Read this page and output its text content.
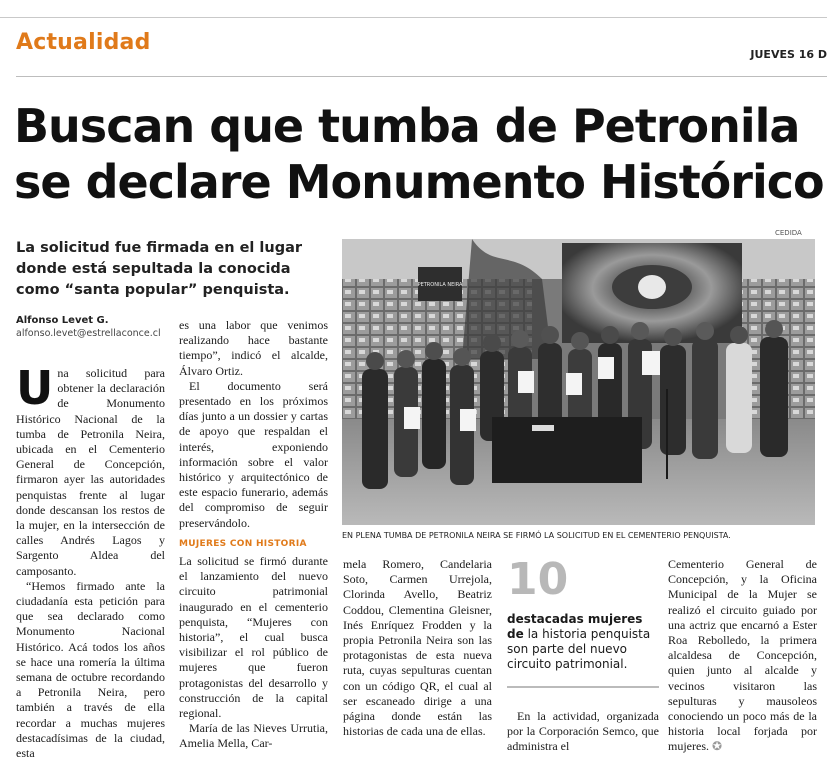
Actualidad	JUEVES 16 D
Buscan que tumba de Petronila
se declare Monumento Histórico

La solicitud fue firmada en el lugar
donde está sepultada la conocida
como “santa popular” penquista.

Alfonso Levet G.
alfonso.levet@estrellaconce.cl

Una solicitud para obtener la declaración de Monumento Histórico Nacional de la tumba de Petronila Neira, ubicada en el Cementerio General de Concepción, firmaron ayer las autoridades penquistas frente al lugar donde descansan los restos de la mujer, en la intersección de calles Andrés Lagos y Sargento Aldea del camposanto.

“Hemos firmado ante la ciudadanía esta petición para que sea declarado como Monumento Nacional Histórico. Acá todos los años se hace una romería la última semana de octubre recordando a Petronila Neira, pero también a través de ella recordar a muchas mujeres destacadísimas de la ciudad, esta

es una labor que venimos realizando hace bastante tiempo”, indicó el alcalde, Álvaro Ortiz.

El documento será presentado en los próximos días junto a un dossier y cartas de apoyo que respaldan el interés, exponiendo información sobre el valor histórico y arquitectónico de este espacio funerario, además del compromiso de seguir preservándolo.

MUJERES CON HISTORIA

La solicitud se firmó durante el lanzamiento del nuevo circuito patrimonial inaugurado en el cementerio penquista, “Mujeres con historia”, el cual busca visibilizar el rol público de mujeres que fueron protagonistas del desarrollo y construcción de la capital regional.

María de las Nieves Urrutia, Amelia Mella, Car-

CEDIDA
PETRONILA NEIRA
EN PLENA TUMBA DE PETRONILA NEIRA SE FIRMÓ LA SOLICITUD EN EL CEMENTERIO PENQUISTA.

mela Romero, Candelaria Soto, Carmen Urrejola, Clorinda Avello, Beatriz Coddou, Clementina Gleisner, Inés Enríquez Frodden y la propia Petronila Neira son las protagonistas de esta nueva ruta, cuyas sepulturas cuentan con un código QR, el cual al ser escaneado dirige a una página donde están las historias de cada una de ellas.

10
destacadas mujeres de la historia penquista son parte del nuevo circuito patrimonial.

En la actividad, organizada por la Corporación Semco, que administra el

Cementerio General de Concepción, y la Oficina Municipal de la Mujer se realizó el circuito guiado por una actriz que encarnó a Ester Roa Rebolledo, la primera alcaldesa de Concepción, quien junto al alcalde y vecinos visitaron las sepulturas y mausoleos conociendo un poco más de la historia local forjada por mujeres. ✪
